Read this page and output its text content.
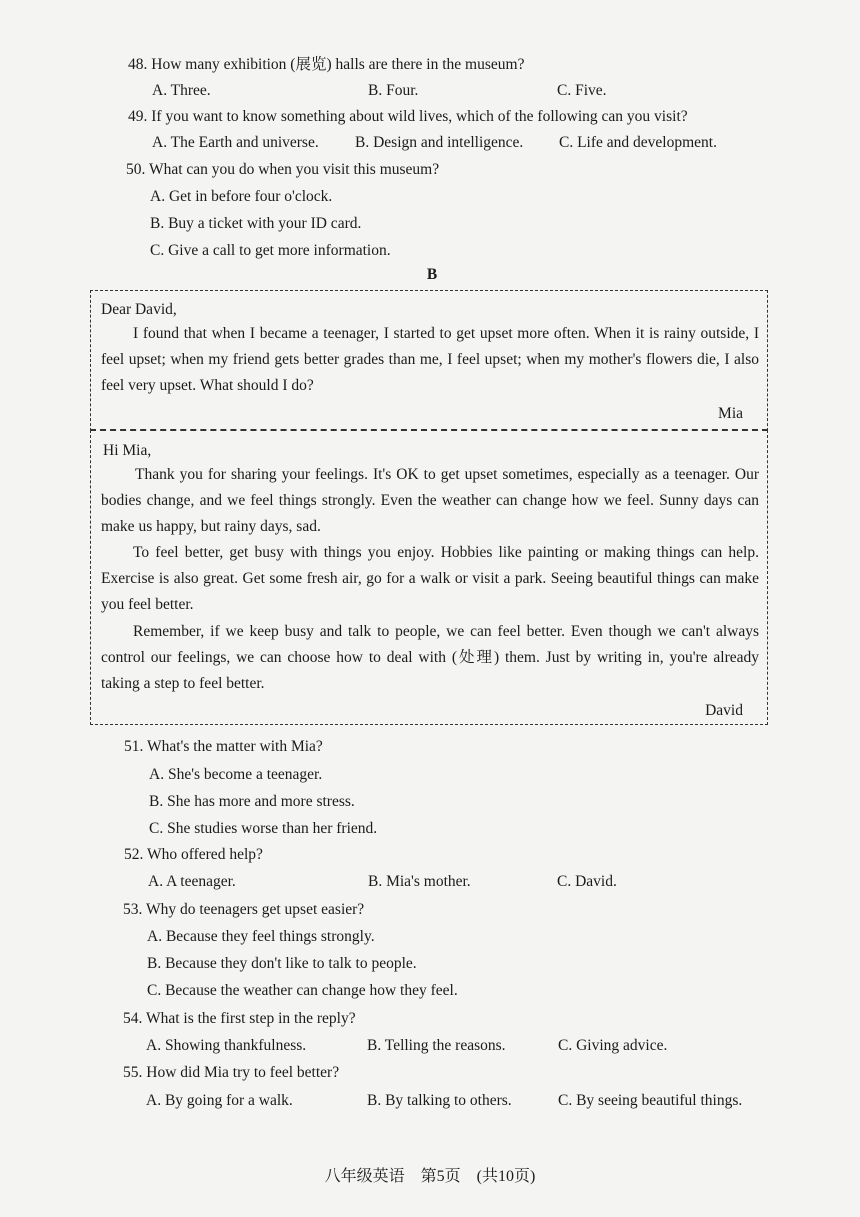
48. How many exhibition (展览) halls are there in the museum?
A. Three.	B. Four.	C. Five.
49. If you want to know something about wild lives, which of the following can you visit?
A. The Earth and universe. B. Design and intelligence. C. Life and development.
50. What can you do when you visit this museum?
A. Get in before four o'clock.
B. Buy a ticket with your ID card.
C. Give a call to get more information.
B
Dear David,
I found that when I became a teenager, I started to get upset more often. When it is rainy outside, I feel upset; when my friend gets better grades than me, I feel upset; when my mother's flowers die, I also feel very upset. What should I do?
Mia
Hi Mia,
Thank you for sharing your feelings. It's OK to get upset sometimes, especially as a teenager. Our bodies change, and we feel things strongly. Even the weather can change how we feel. Sunny days can make us happy, but rainy days, sad.
To feel better, get busy with things you enjoy. Hobbies like painting or making things can help. Exercise is also great. Get some fresh air, go for a walk or visit a park. Seeing beautiful things can make you feel better.
Remember, if we keep busy and talk to people, we can feel better. Even though we can't always control our feelings, we can choose how to deal with (处理) them. Just by writing in, you're already taking a step to feel better.
David
51. What's the matter with Mia?
A. She's become a teenager.
B. She has more and more stress.
C. She studies worse than her friend.
52. Who offered help?
A. A teenager.	B. Mia's mother.	C. David.
53. Why do teenagers get upset easier?
A. Because they feel things strongly.
B. Because they don't like to talk to people.
C. Because the weather can change how they feel.
54. What is the first step in the reply?
A. Showing thankfulness.	B. Telling the reasons.	C. Giving advice.
55. How did Mia try to feel better?
A. By going for a walk.	B. By talking to others.	C. By seeing beautiful things.
八年级英语　第5页　(共10页)
